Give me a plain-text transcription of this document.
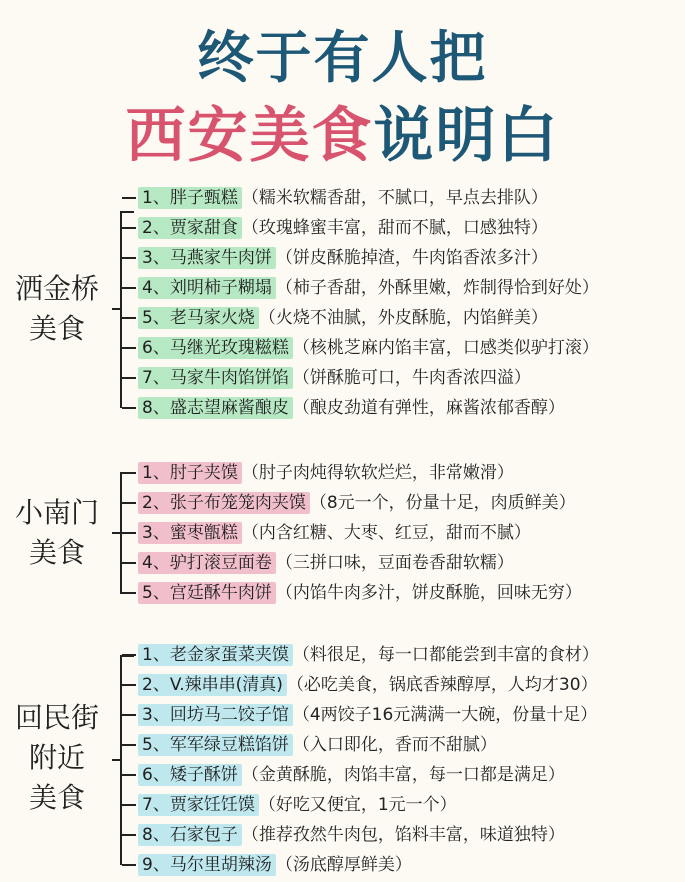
终于有人把
西安美食说明白
洒金桥
美食
1、胖子甄糕 （糯米软糯香甜，不腻口，早点去排队）
2、贾家甜食 （玫瑰蜂蜜丰富，甜而不腻，口感独特）
3、马燕家牛肉饼 （饼皮酥脆掉渣，牛肉馅香浓多汁）
4、刘明柿子糊塌 （柿子香甜，外酥里嫩，炸制得恰到好处）
5、老马家火烧 （火烧不油腻，外皮酥脆，内馅鲜美）
6、马继光玫瑰糍糕 （核桃芝麻内馅丰富，口感类似驴打滚）
7、马家牛肉馅饼馅 （饼酥脆可口，牛肉香浓四溢）
8、盛志望麻酱酿皮 （酿皮劲道有弹性，麻酱浓郁香醇）
小南门
美食
1、肘子夹馍 （肘子肉炖得软软烂烂，非常嫩滑）
2、张子布笼笼肉夹馍 （8元一个，份量十足，肉质鲜美）
3、蜜枣甑糕 （内含红糖、大枣、红豆，甜而不腻）
4、驴打滚豆面卷 （三拼口味，豆面卷香甜软糯）
5、宫廷酥牛肉饼 （内馅牛肉多汁，饼皮酥脆，回味无穷）
回民街
附近
美食
1、老金家蛋菜夹馍 （料很足，每一口都能尝到丰富的食材）
2、V.辣串串(清真) （必吃美食，锅底香辣醇厚，人均才30）
3、回坊马二饺子馆 （4两饺子16元满满一大碗，份量十足）
5、军军绿豆糕馅饼 （入口即化，香而不甜腻）
6、矮子酥饼 （金黄酥脆，肉馅丰富，每一口都是满足）
7、贾家饪饪馍 （好吃又便宜，1元一个）
8、石家包子 （推荐孜然牛肉包，馅料丰富，味道独特）
9、马尔里胡辣汤 （汤底醇厚鲜美）
